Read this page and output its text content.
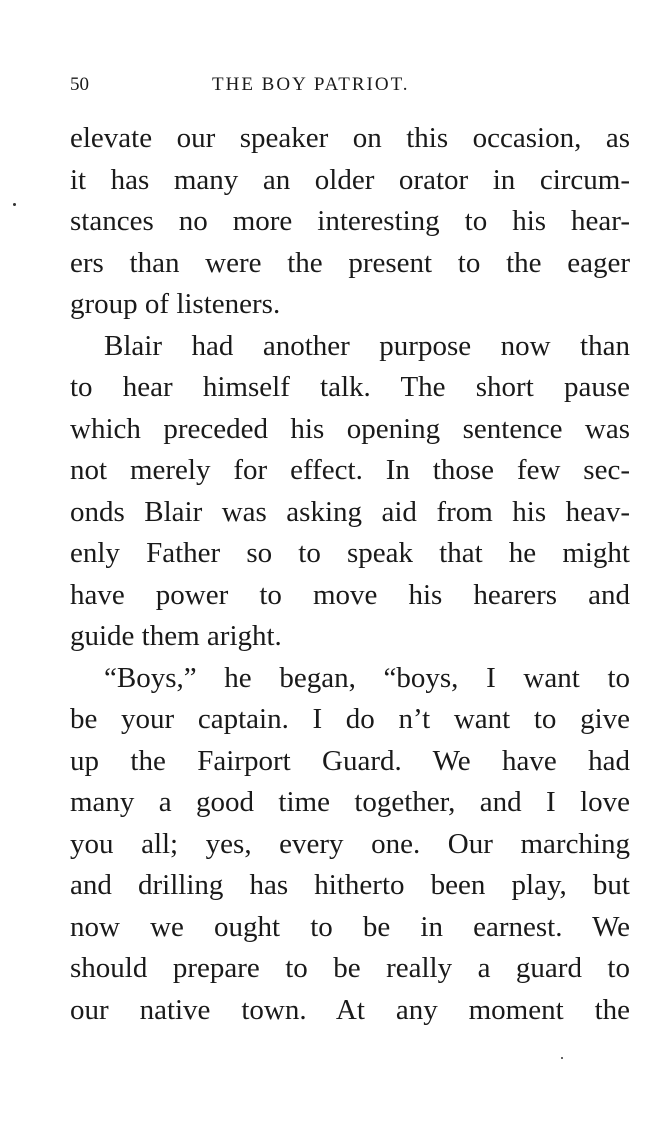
50	THE BOY PATRIOT.
elevate our speaker on this occasion, as
it has many an older orator in circum-
stances no more interesting to his hear-
ers than were the present to the eager
group of listeners.
Blair had another purpose now than
to hear himself talk. The short pause
which preceded his opening sentence was
not merely for effect. In those few sec-
onds Blair was asking aid from his heav-
enly Father so to speak that he might
have power to move his hearers and
guide them aright.
“Boys,” he began, “boys, I want to
be your captain. I do n’t want to give
up the Fairport Guard. We have had
many a good time together, and I love
you all; yes, every one. Our marching
and drilling has hitherto been play, but
now we ought to be in earnest. We
should prepare to be really a guard to
our native town. At any moment the
